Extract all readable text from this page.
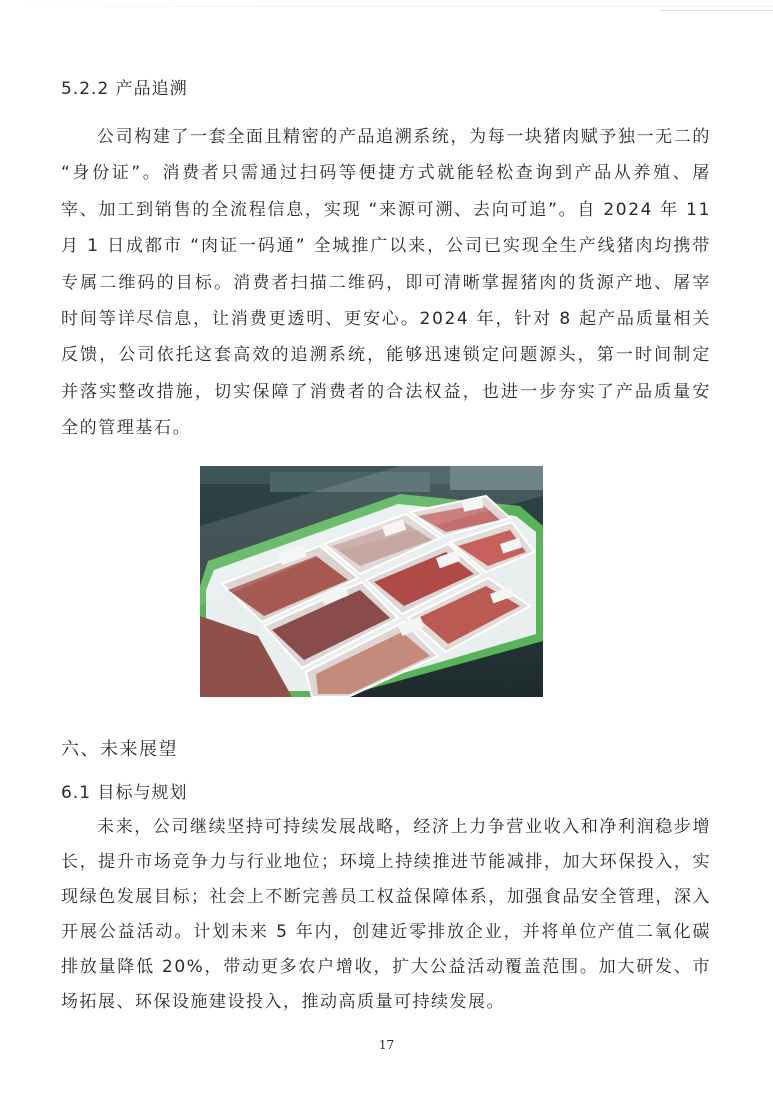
5.2.2 产品追溯

公司构建了一套全面且精密的产品追溯系统，为每一块猪肉赋予独一无二的 “身份证”。消费者只需通过扫码等便捷方式就能轻松查询到产品从养殖、屠宰、加工到销售的全流程信息，实现 “来源可溯、去向可追”。自 2024 年 11 月 1 日成都市 “肉证一码通” 全城推广以来，公司已实现全生产线猪肉均携带专属二维码的目标。消费者扫描二维码，即可清晰掌握猪肉的货源产地、屠宰时间等详尽信息，让消费更透明、更安心。2024 年，针对 8 起产品质量相关反馈，公司依托这套高效的追溯系统，能够迅速锁定问题源头，第一时间制定并落实整改措施，切实保障了消费者的合法权益，也进一步夯实了产品质量安全的管理基石。

六、未来展望
6.1 目标与规划

未来，公司继续坚持可持续发展战略，经济上力争营业收入和净利润稳步增长，提升市场竞争力与行业地位；环境上持续推进节能减排，加大环保投入，实现绿色发展目标；社会上不断完善员工权益保障体系，加强食品安全管理，深入开展公益活动。计划未来 5 年内，创建近零排放企业，并将单位产值二氧化碳排放量降低 20%，带动更多农户增收，扩大公益活动覆盖范围。加大研发、市场拓展、环保设施建设投入，推动高质量可持续发展。

17
